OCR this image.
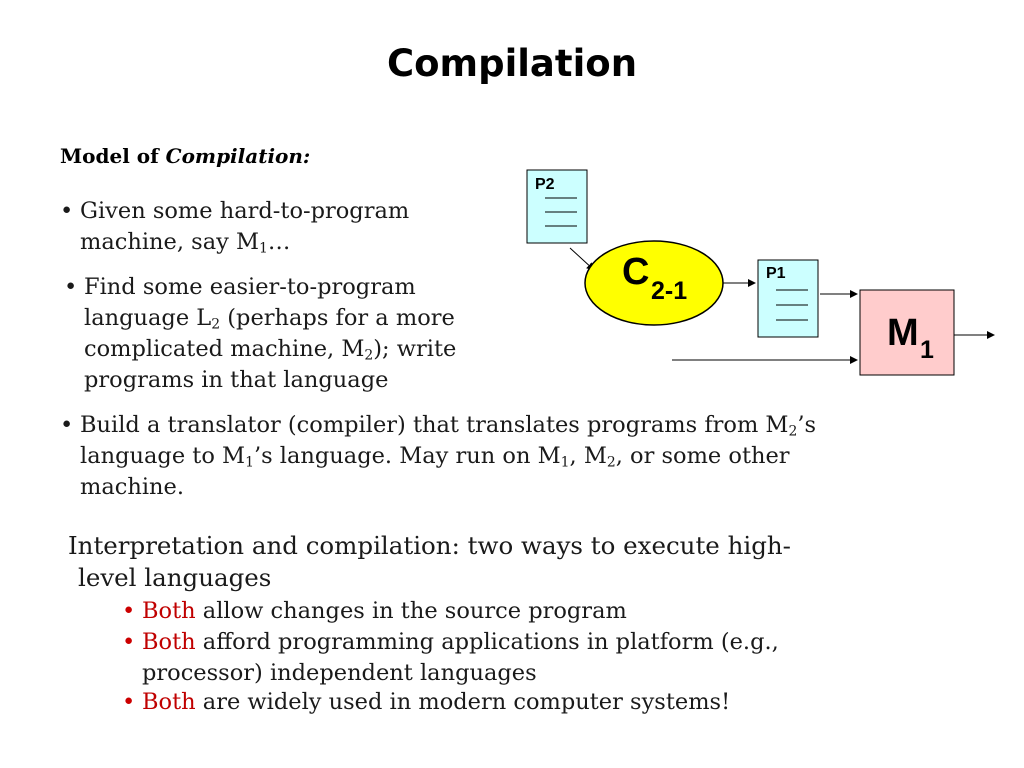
Compilation
Model of Compilation:
• Given some hard-to-program
machine, say $M_1\dots$
• Find some easier-to-program
language $L_2$ (perhaps for a more
complicated machine, $M_2$); write
programs in that language
• Build a translator (compiler) that translates programs from $M_2’s$
language to $M_1’s$ language. May run on $M_1$, $M_2$, or some other
machine.
Interpretation and compilation: two ways to execute high-
level languages
• Both allow changes in the source program
• Both afford programming applications in platform (e.g.,
processor) independent languages
• Both are widely used in modern computer systems!
P2
C 2-1
P1
M 1
